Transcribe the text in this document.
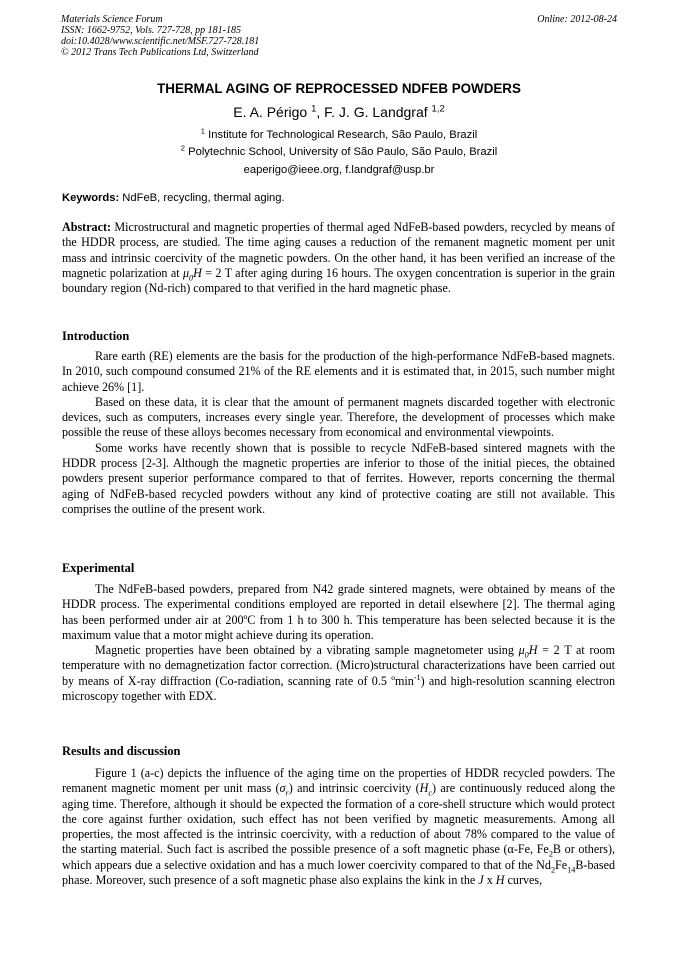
Materials Science Forum
ISSN: 1662-9752, Vols. 727-728, pp 181-185
doi:10.4028/www.scientific.net/MSF.727-728.181
© 2012 Trans Tech Publications Ltd, Switzerland
Online: 2012-08-24
THERMAL AGING OF REPROCESSED NDFEB POWDERS
E. A. Périgo $^1$, F. J. G. Landgraf $^{1,2}$
$^1$ Institute for Technological Research, São Paulo, Brazil
$^2$ Polytechnic School, University of São Paulo, São Paulo, Brazil
eaperigo@ieee.org, f.landgraf@usp.br
Keywords: NdFeB, recycling, thermal aging.

Abstract: Microstructural and magnetic properties of thermal aged NdFeB-based powders, recycled by means of the HDDR process, are studied. The time aging causes a reduction of the remanent magnetic moment per unit mass and intrinsic coercivity of the magnetic powders. On the other hand, it has been verified an increase of the magnetic polarization at $\mu_0H = 2$ T after aging during 16 hours. The oxygen concentration is superior in the grain boundary region (Nd-rich) compared to that verified in the hard magnetic phase.

Introduction

Rare earth (RE) elements are the basis for the production of the high-performance NdFeB-based magnets. In 2010, such compound consumed 21% of the RE elements and it is estimated that, in 2015, such number might achieve 26% [1].

Based on these data, it is clear that the amount of permanent magnets discarded together with electronic devices, such as computers, increases every single year. Therefore, the development of processes which make possible the reuse of these alloys becomes necessary from economical and environmental viewpoints.

Some works have recently shown that is possible to recycle NdFeB-based sintered magnets with the HDDR process [2-3]. Although the magnetic properties are inferior to those of the initial pieces, the obtained powders present superior performance compared to that of ferrites. However, reports concerning the thermal aging of NdFeB-based recycled powders without any kind of protective coating are still not available. This comprises the outline of the present work.

Experimental

The NdFeB-based powders, prepared from N42 grade sintered magnets, were obtained by means of the HDDR process. The experimental conditions employed are reported in detail elsewhere [2]. The thermal aging has been performed under air at 200ºC from 1 h to 300 h. This temperature has been selected because it is the maximum value that a motor might achieve during its operation.

Magnetic properties have been obtained by a vibrating sample magnetometer using $\mu_0H = 2$ T at room temperature with no demagnetization factor correction. (Micro)structural characterizations have been carried out by means of X-ray diffraction (Co-radiation, scanning rate of 0.5 ºmin$^{-1}$) and high-resolution scanning electron microscopy together with EDX.

Results and discussion

Figure 1 (a-c) depicts the influence of the aging time on the properties of HDDR recycled powders. The remanent magnetic moment per unit mass $(\sigma_r)$ and intrinsic coercivity $(H_c)$ are continuously reduced along the aging time. Therefore, although it should be expected the formation of a core-shell structure which would protect the core against further oxidation, such effect has not been verified by magnetic measurements. Among all properties, the most affected is the intrinsic coercivity, with a reduction of about 78% compared to the value of the starting material. Such fact is ascribed the possible presence of a soft magnetic phase (α-Fe, $Fe_2B$ or others), which appears due a selective oxidation and has a much lower coercivity compared to that of the $Nd_2Fe_{14}B$-based phase. Moreover, such presence of a soft magnetic phase also explains the kink in the J x H curves,
